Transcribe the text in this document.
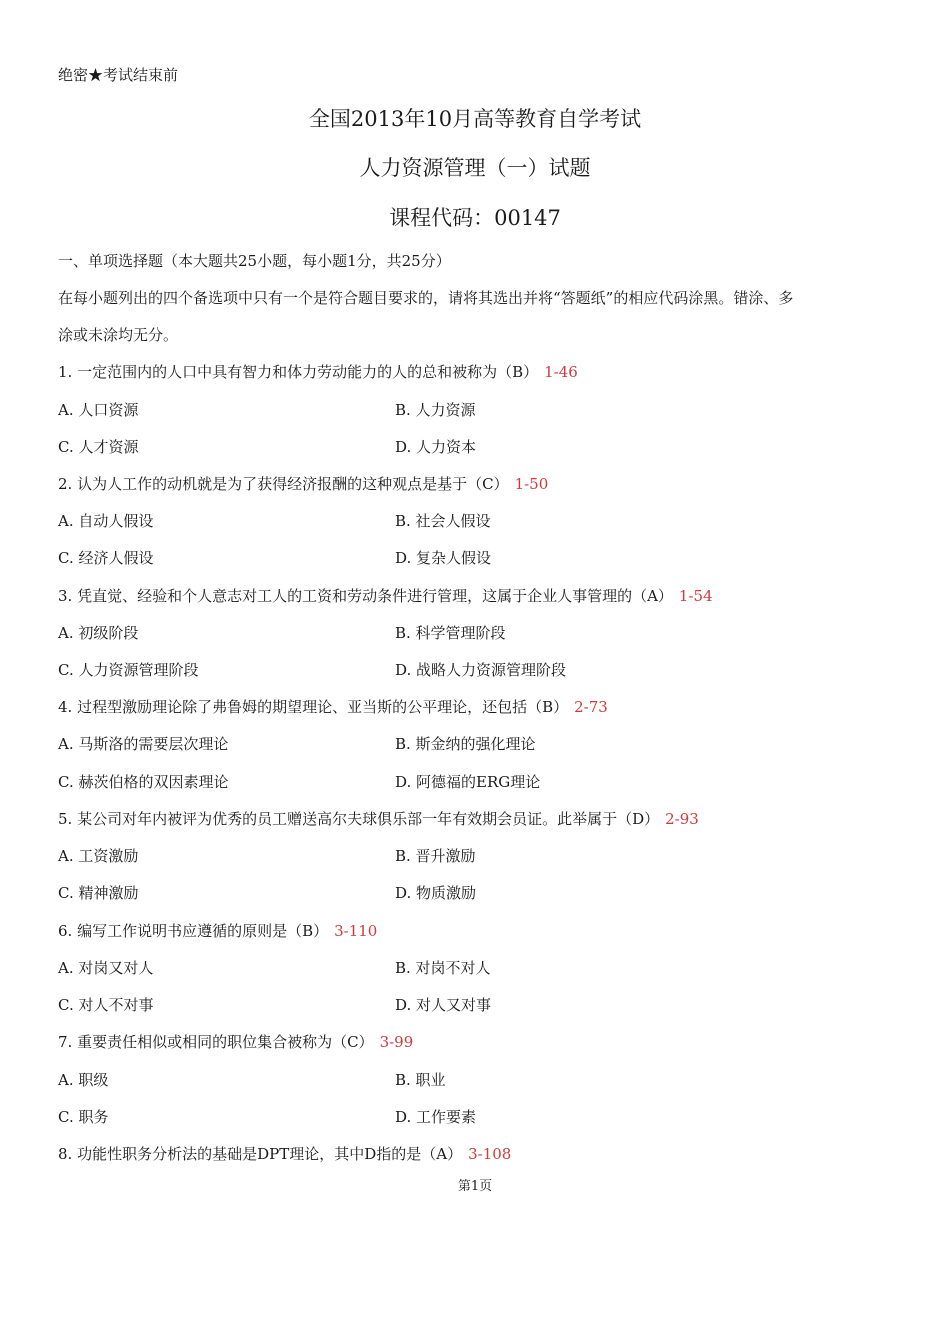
绝密★考试结束前
全国2013年10月高等教育自学考试
人力资源管理（一）试题
课程代码：00147
一、单项选择题（本大题共25小题，每小题1分，共25分）
在每小题列出的四个备选项中只有一个是符合题目要求的，请将其选出并将“答题纸”的相应代码涂黑。错涂、多
涂或未涂均无分。
1. 一定范围内的人口中具有智力和体力劳动能力的人的总和被称为（B） 1-46
A. 人口资源	B. 人力资源
C. 人才资源	D. 人力资本
2. 认为人工作的动机就是为了获得经济报酬的这种观点是基于（C） 1-50
A. 自动人假设	B. 社会人假设
C. 经济人假设	D. 复杂人假设
3. 凭直觉、经验和个人意志对工人的工资和劳动条件进行管理，这属于企业人事管理的（A） 1-54
A. 初级阶段	B. 科学管理阶段
C. 人力资源管理阶段	D. 战略人力资源管理阶段
4. 过程型激励理论除了弗鲁姆的期望理论、亚当斯的公平理论，还包括（B） 2-73
A. 马斯洛的需要层次理论	B. 斯金纳的强化理论
C. 赫茨伯格的双因素理论	D. 阿德福的ERG理论
5. 某公司对年内被评为优秀的员工赠送高尔夫球俱乐部一年有效期会员证。此举属于（D） 2-93
A. 工资激励	B. 晋升激励
C. 精神激励	D. 物质激励
6. 编写工作说明书应遵循的原则是（B） 3-110
A. 对岗又对人	B. 对岗不对人
C. 对人不对事	D. 对人又对事
7. 重要责任相似或相同的职位集合被称为（C） 3-99
A. 职级	B. 职业
C. 职务	D. 工作要素
8. 功能性职务分析法的基础是DPT理论，其中D指的是（A） 3-108
第1页
